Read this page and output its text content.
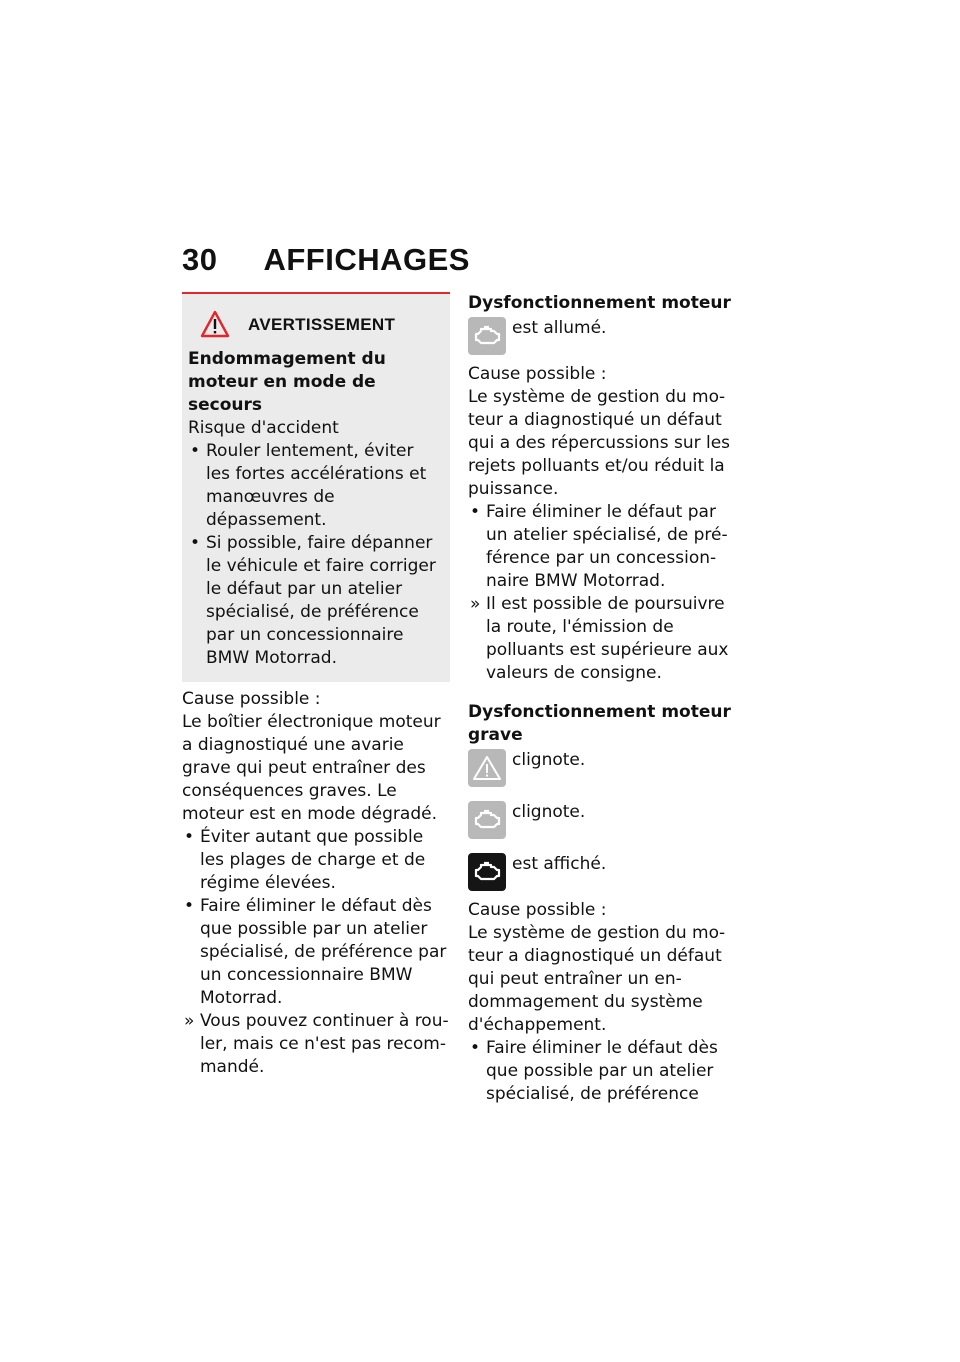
30 AFFICHAGES
AVERTISSEMENT

Endommagement du moteur en mode de secours

Risque d'accident

• Rouler lentement, éviter les fortes accélérations et manœuvres de dépassement.
• Si possible, faire dépanner le véhicule et faire corriger le défaut par un atelier spécialisé, de préférence par un concessionnaire BMW Motorrad.

Cause possible :

Le boîtier électronique moteur a diagnostiqué une avarie grave qui peut entraîner des conséquences graves. Le moteur est en mode dégradé.

• Éviter autant que possible les plages de charge et de régime élevées.
• Faire éliminer le défaut dès que possible par un atelier spécialisé, de préférence par un concessionnaire BMW Motorrad.
» Vous pouvez continuer à rouler, mais ce n'est pas recommandé.

Dysfonctionnement moteur

est allumé.

Cause possible :

Le système de gestion du moteur a diagnostiqué un défaut qui a des répercussions sur les rejets polluants et/ou réduit la puissance.

• Faire éliminer le défaut par un atelier spécialisé, de préférence par un concessionnaire BMW Motorrad.
» Il est possible de poursuivre la route, l'émission de polluants est supérieure aux valeurs de consigne.

Dysfonctionnement moteur grave

clignote.
clignote.
est affiché.

Cause possible :

Le système de gestion du moteur a diagnostiqué un défaut qui peut entraîner un endommagement du système d'échappement.

• Faire éliminer le défaut dès que possible par un atelier spécialisé, de préférence
